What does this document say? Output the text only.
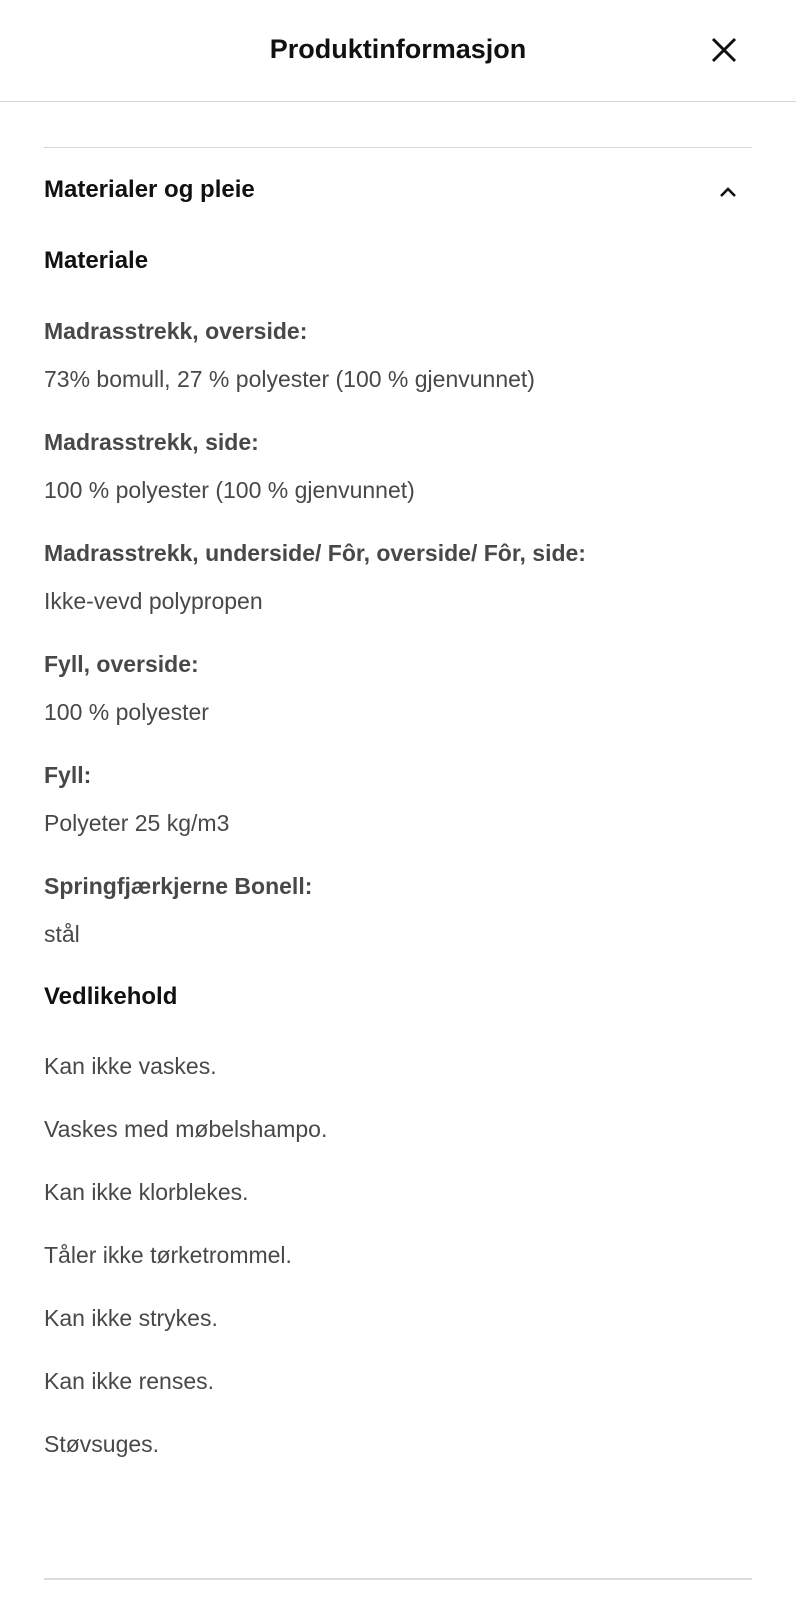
Produktinformasjon
Materialer og pleie
Materiale
Madrasstrekk, overside:
73% bomull, 27 % polyester (100 % gjenvunnet)
Madrasstrekk, side:
100 % polyester (100 % gjenvunnet)
Madrasstrekk, underside/ Fôr, overside/ Fôr, side:
Ikke-vevd polypropen
Fyll, overside:
100 % polyester
Fyll:
Polyeter 25 kg/m3
Springfjærkjerne Bonell:
stål
Vedlikehold
Kan ikke vaskes.
Vaskes med møbelshampo.
Kan ikke klorblekes.
Tåler ikke tørketrommel.
Kan ikke strykes.
Kan ikke renses.
Støvsuges.
